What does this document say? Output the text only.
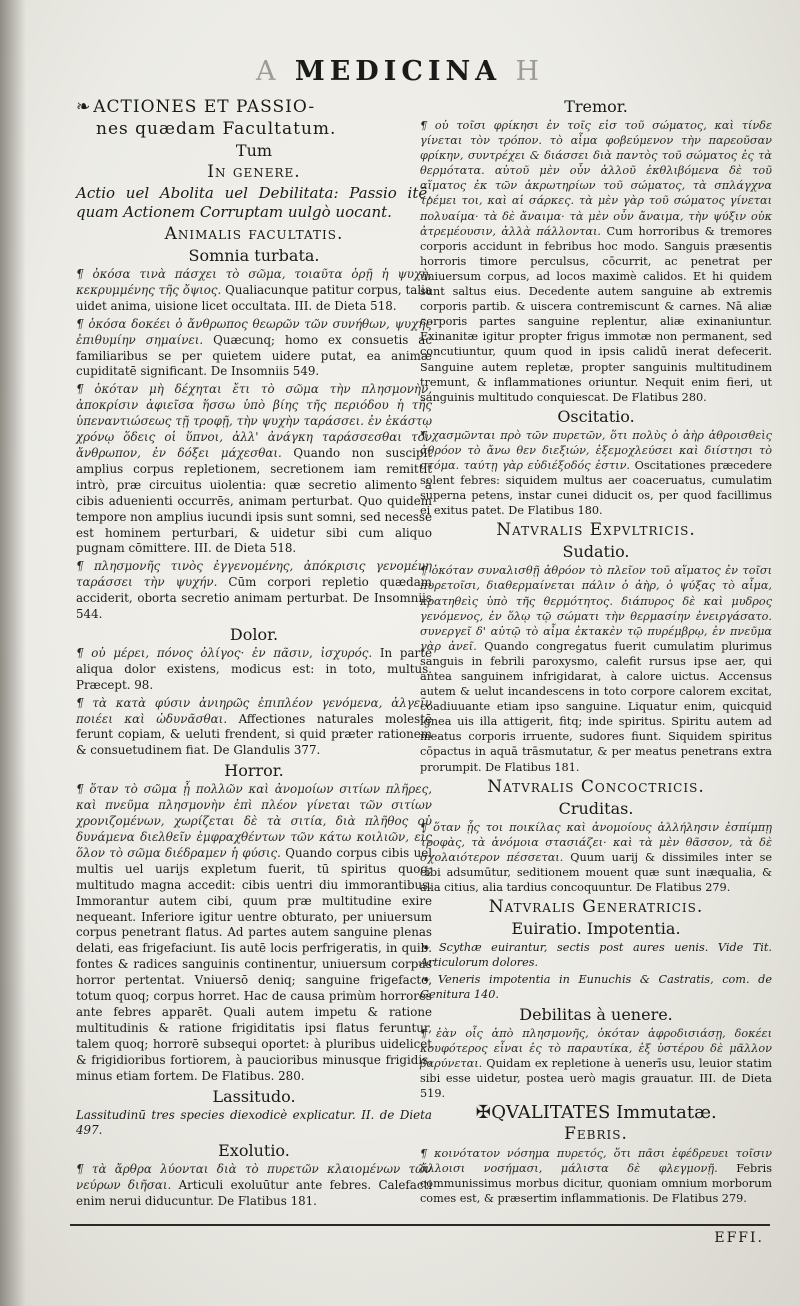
A MEDICINA H
❧ ACTIONES ET PASSIO-
nes quædam Facultatum.
Tum
In genere.

Actio uel Abolita uel Debilitata: Passio itē, quam Actionem Corruptam uulgò uocant.

Animalis facultatis.
Somnia turbata.

¶ ὁκόσα τινὰ πάσχει τὸ σῶμα, τοιαῦτα ὁρῇ ἡ ψυχὴ, κεκρυμμένης τῆς ὄψιος. Qualiacunque patitur corpus, talia uidet anima, uisione licet occultata. III. de Dieta 518.

¶ ὁκόσα δοκέει ὁ ἄνθρωπος θεωρῶν τῶν συνήθων, ψυχῆς ἐπιθυμίην σημαίνει. Quæcunq; homo ex consuetis ac familiaribus se per quietem uidere putat, ea animæ cupiditatē significant. De Insomniis 549.

¶ ὁκόταν μὴ δέχηται ἔτι τὸ σῶμα τὴν πλησμονὴν, ἀποκρίσιν ἀφιεῖσα ἥσσω ὑπὸ βίης τῆς περιόδου ἡ τῆς ὑπεναντιώσεως τῇ τροφῇ, τὴν ψυχὴν ταράσσει. ἐν ἑκάστῳ χρόνῳ ὅδεις οἱ ὕπνοι, ἀλλ' ἀνάγκη ταράσσεσθαι τὸν ἄνθρωπον, ἐν δόξει μάχεσθαι. Quando non suscipit amplius corpus repletionem, secretionem iam remittit intrò, præ circuitus uiolentia: quæ secretio alimento à cibis aduenienti occurrēs, animam perturbat. Quo quidem tempore non amplius iucundi ipsis sunt somni, sed necesse est hominem perturbari, & uidetur sibi cum aliquo pugnam cōmittere. III. de Dieta 518.

¶ πλησμονῆς τινὸς ἐγγενομένης, ἀπόκρισις γενομένη ταράσσει τὴν ψυχήν. Cūm corpori repletio quædam acciderit, oborta secretio animam perturbat. De Insomniis 544.

Dolor.

¶ οὐ μέρει, πόνος ὀλίγος· ἐν πᾶσιν, ἰσχυρός. In parte aliqua dolor existens, modicus est: in toto, multus. Præcept. 98.

¶ τὰ κατὰ φύσιν ἀνιηρῶς ἐπιπλέον γενόμενα, ἀλγεῖν ποιέει καὶ ὠδυνᾶσθαι. Affectiones naturales molestē ferunt copiam, & ueluti frendent, si quid præter rationem & consuetudinem fiat. De Glandulis 377.

Horror.

¶ ὅταν τὸ σῶμα ᾖ πολλῶν καὶ ἀνομοίων σιτίων πλῆρες, καὶ πνεῦμα πλησμονὴν ἐπὶ πλέον γίνεται τῶν σιτίων χρονιζομένων, χωρίζεται δὲ τὰ σιτία, διὰ πλῆθος οὐ δυνάμενα διελθεῖν ἐμφραχθέντων τῶν κάτω κοιλιῶν, εἰς ὅλον τὸ σῶμα διέδραμεν ἡ φύσις. Quando corpus cibis uel multis uel uarijs expletum fuerit, tū spiritus quoq; multitudo magna accedit: cibis uentri diu immorantibus. Immorantur autem cibi, quum præ multitudine exire nequeant. Inferiore igitur uentre obturato, per uniuersum corpus penetrant flatus. Ad partes autem sanguine plenas delati, eas frigefaciunt. Iis autē locis perfrigeratis, in quib. fontes & radices sanguinis continentur, uniuersum corpus horror pertentat. Vniuersō deniq; sanguine frigefacto, totum quoq; corpus horret. Hac de causa primùm horrores ante febres apparēt. Quali autem impetu & ratione multitudinis & ratione frigiditatis ipsi flatus feruntur, talem quoq; horrorē subsequi oportet: à pluribus uidelicet & frigidioribus fortiorem, à paucioribus minusque frigidis, minus etiam fortem. De Flatibus. 280.

Lassitudo.

Lassitudinū tres species diexodicè explicatur. II. de Dieta 497.

Exolutio.

¶ τὰ ἄρθρα λύονται διὰ τὸ πυρετῶν κλαιομένων τῶν νεύρων διῆσαι. Articuli exoluūtur ante febres. Calefacti enim nerui diducuntur. De Flatibus 181.

Tremor.

¶ οὐ τοῖσι φρίκησι ἐν τοῖς εἰσ τοῦ σώματος, καὶ τίνδε γίνεται τὸν τρόπον. τὸ αἷμα φοβεύμενον τὴν παρεοῦσαν φρίκην, συντρέχει & διάσσει διὰ παντὸς τοῦ σώματος ἐς τὰ θερμότατα. αὐτοῦ μὲν οὖν ἀλλοῦ ἐκθλιβόμενα δὲ τοῦ αἵματος ἐκ τῶν ἀκρωτηρίων τοῦ σώματος, τὰ σπλάγχνα τρέμει τοι, καὶ αἱ σάρκες. τὰ μὲν γὰρ τοῦ σώματος γίνεται πολυαίμα· τὰ δὲ ἄναιμα· τὰ μὲν οὖν ἄναιμα, τὴν ψύξιν οὐκ ἀτρεμέουσιν, ἀλλὰ πάλλονται. Cum horroribus & tremores corporis accidunt in febribus hoc modo. Sanguis præsentis horroris timore perculsus, cōcurrit, ac penetrat per uniuersum corpus, ad locos maximè calidos. Et hi quidem sunt saltus eius. Decedente autem sanguine ab extremis corporis partib. & uiscera contremiscunt & carnes. Nā aliæ corporis partes sanguine replentur, aliæ exinaniuntur. Exinanitæ igitur propter frigus immotæ non permanent, sed concutiuntur, quum quod in ipsis calidū inerat defecerit. Sanguine autem repletæ, propter sanguinis multitudinem tremunt, & inflammationes oriuntur. Nequit enim fieri, ut sanguinis multitudo conquiescat. De Flatibus 280.

Oscitatio.

¶ χασμῶνται πρὸ τῶν πυρετῶν, ὅτι πολὺς ὁ ἀὴρ ἀθροισθεὶς ἀθρόον τὸ ἄνω θεν διεξιών, ἐξεμοχλεύσει καὶ διίστησι τὸ στόμα. ταύτῃ γὰρ εὐδιέξοδός ἐστιν. Oscitationes præcedere solent febres: siquidem multus aer coaceruatus, cumulatim superna petens, instar cunei diducit os, per quod facillimus ei exitus patet. De Flatibus 180.

Natvralis Expvltricis.
Sudatio.

¶ ὁκόταν συναλισθῇ ἀθρόον τὸ πλεῖον τοῦ αἵματος ἐν τοῖσι πυρετοῖσι, διαθερμαίνεται πάλιν ὁ ἀὴρ, ὁ ψύξας τὸ αἷμα, κρατηθεὶς ὑπὸ τῆς θερμότητος. διάπυρος δὲ καὶ μυδρος γενόμενος, ἐν ὅλῳ τῷ σώματι τὴν θερμασίην ἐνειργάσατο. συνεργεῖ δ' αὐτῷ τὸ αἷμα ἐκτακὲν τῷ πυρέμβρῳ, ἐν πνεῦμα γὰρ ἀνεῖ. Quando congregatus fuerit cumulatim plurimus sanguis in febrili paroxysmo, calefit rursus ipse aer, qui antea sanguinem infrigidarat, à calore uictus. Accensus autem & uelut incandescens in toto corpore calorem excitat, coadiuuante etiam ipso sanguine. Liquatur enim, quicquid ignea uis illa attigerit, fitq; inde spiritus. Spiritu autem ad meatus corporis irruente, sudores fiunt. Siquidem spiritus cōpactus in aquā trāsmutatur, & per meatus penetrans extra prorumpit. De Flatibus 181.

Natvralis Concoctricis.
Cruditas.

¶ ὅταν ᾖς τοι ποικίλας καὶ ἀνομοίους ἀλλήλησιν ἐσπίμπῃ τροφὰς, τὰ ἀνόμοια στασιάζει· καὶ τὰ μὲν θᾶσσον, τὰ δὲ σχολαιότερον πέσσεται. Quum uarij & dissimiles inter se cibi adsumūtur, seditionem mouent quæ sunt inæqualia, & alia citius, alia tardius concoquuntur. De Flatibus 279.

Natvralis Generatricis.
Euiratio. Impotentia.

❧ Scythæ euirantur, sectis post aures uenis. Vide Tit. Articulorum dolores.

❧ Veneris impotentia in Eunuchis & Castratis, com. de Genitura 140.

Debilitas à uenere.

¶ ἐὰν οἷς ἀπὸ πλησμονῆς, ὁκόταν ἀφροδισιάσῃ, δοκέει κουφότερος εἶναι ἐς τὸ παραυτίκα, ἐξ ὑστέρου δὲ μᾶλλον βαρύνεται. Quidam ex repletione à uenerīs usu, leuior statim sibi esse uidetur, postea uerò magis grauatur. III. de Dieta 519.

✠QVALITATES Immutatæ.
Febris.

¶ κοινότατον νόσημα πυρετός, ὅτι πᾶσι ἐφέδρευει τοῖσιν ἄλλοισι νοσήμασι, μάλιστα δὲ φλεγμονῇ. Febris communissimus morbus dicitur, quoniam omnium morborum comes est, & præsertim inflammationis. De Flatibus 279.

EFFI.
